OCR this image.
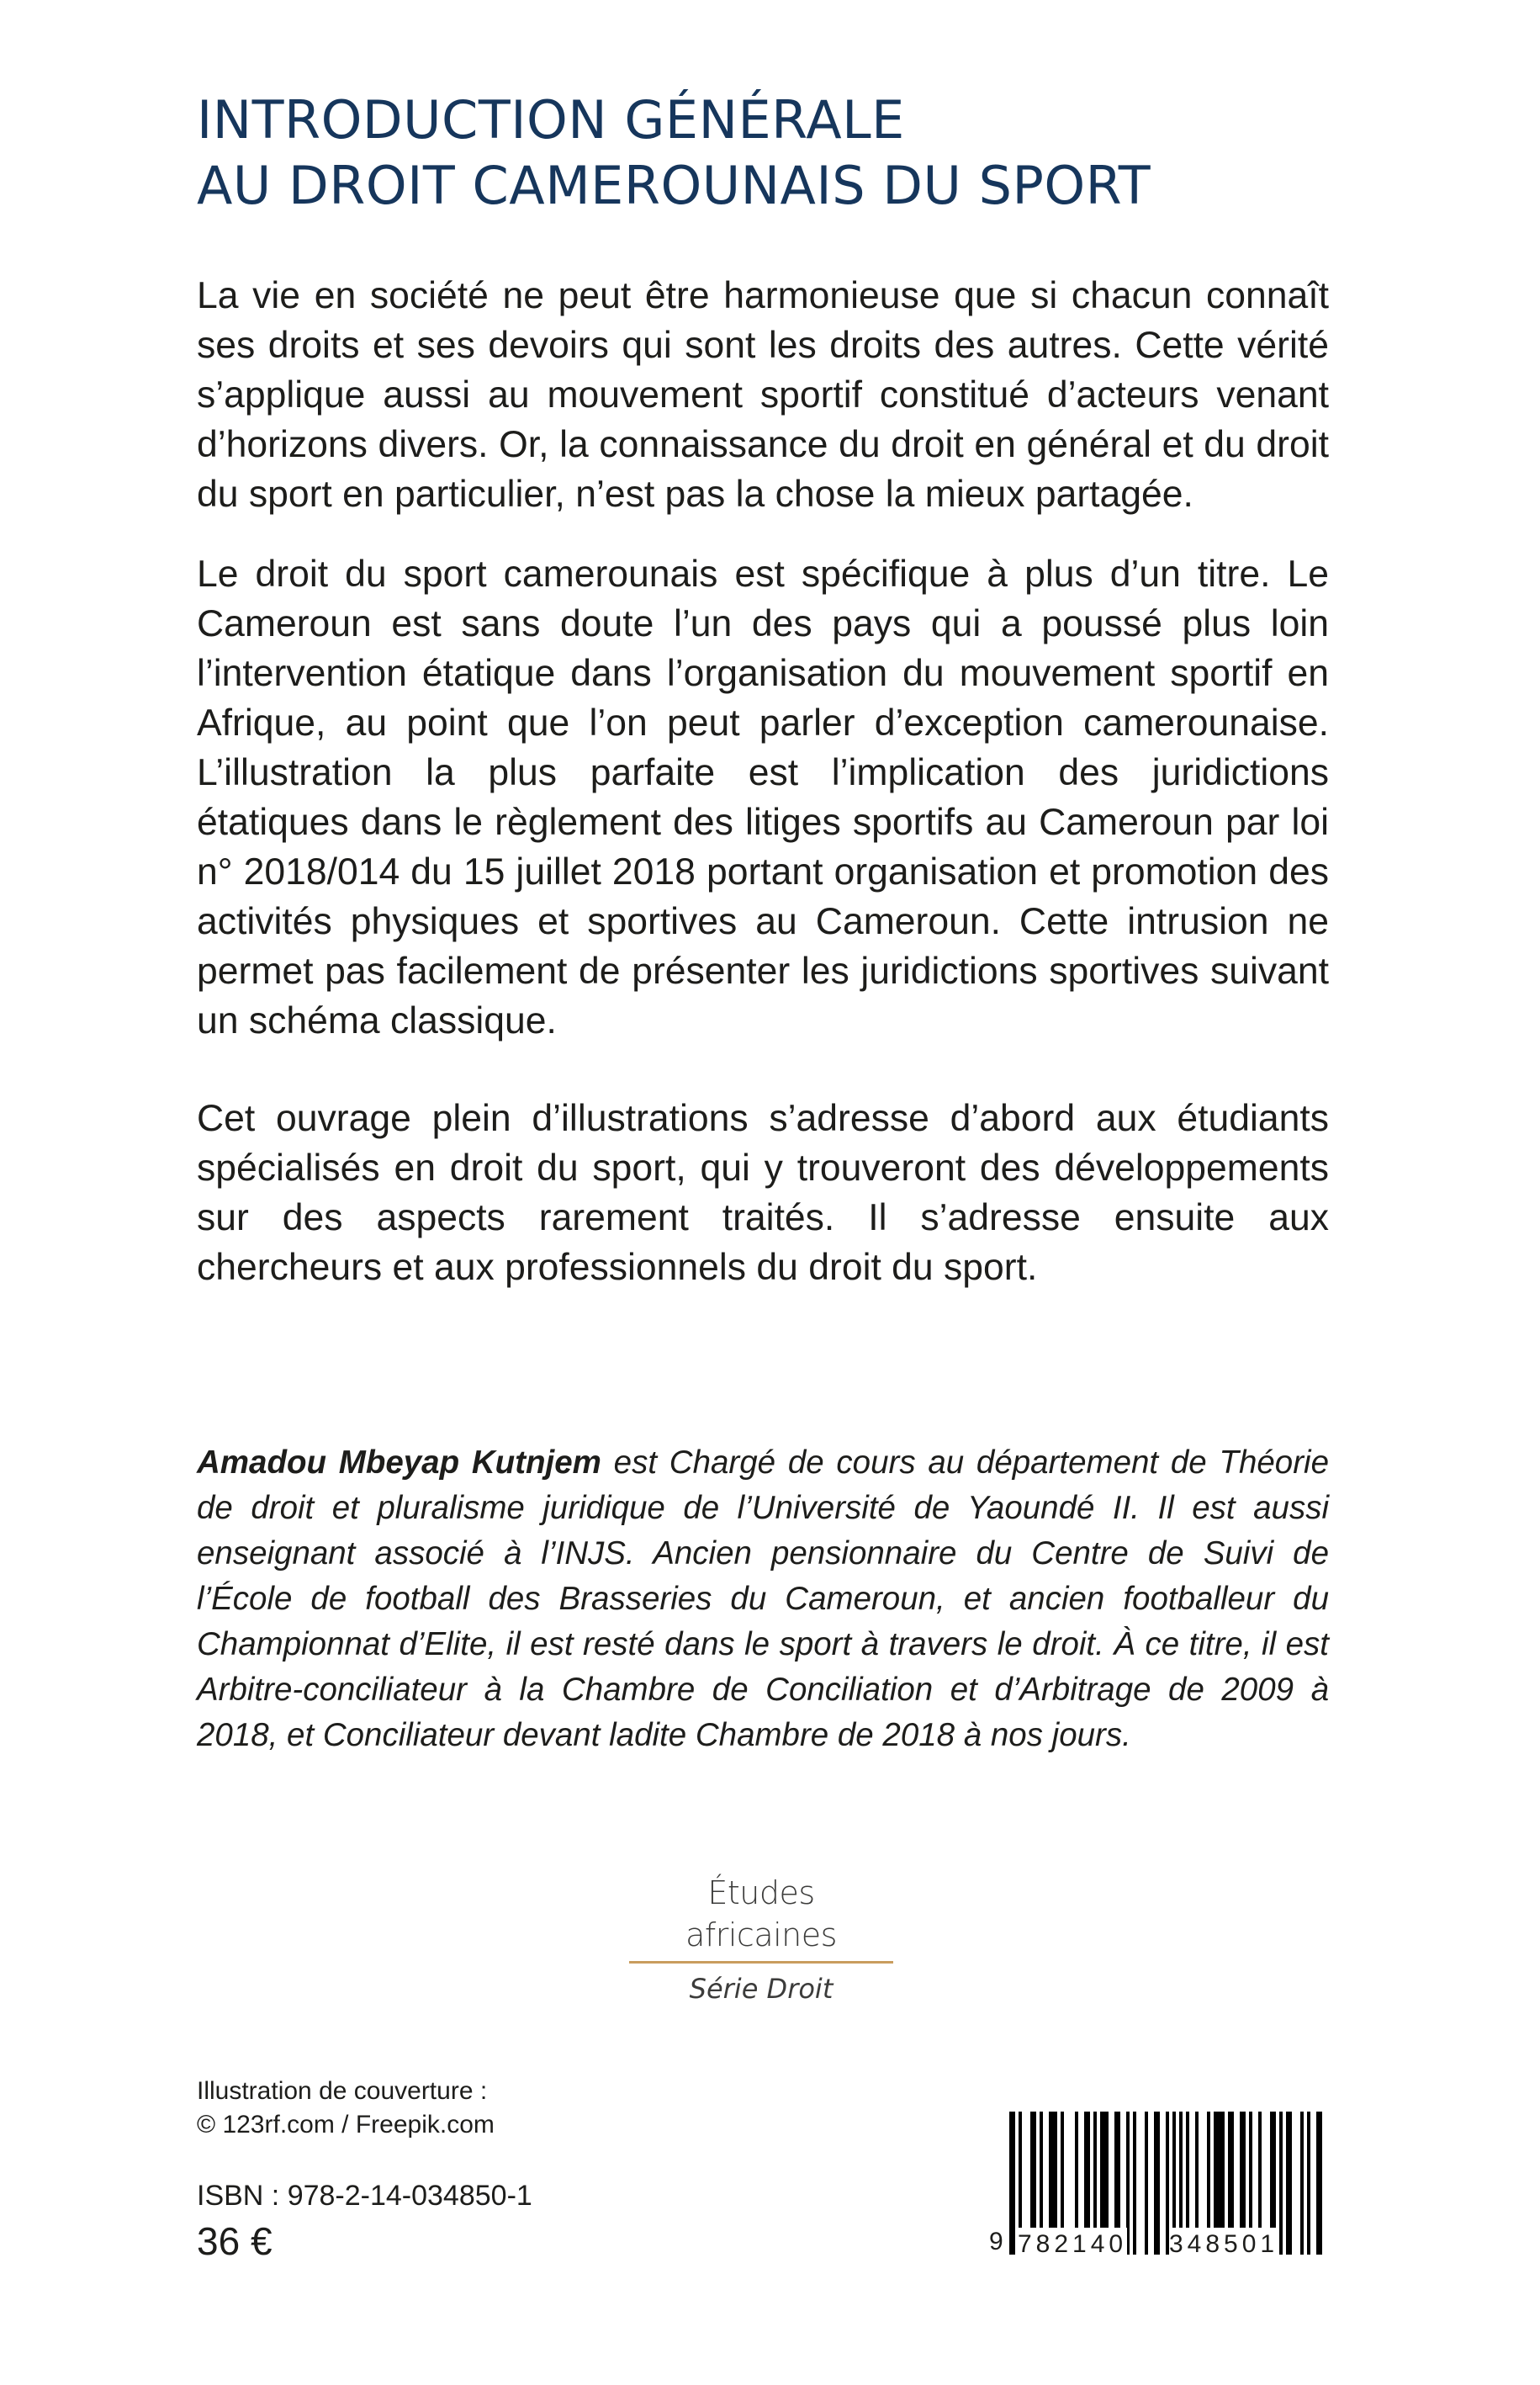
INTRODUCTION GÉNÉRALE
AU DROIT CAMEROUNAIS DU SPORT

La vie en société ne peut être harmonieuse que si chacun connaît ses droits et ses devoirs qui sont les droits des autres. Cette vérité s’applique aussi au mouvement sportif constitué d’acteurs venant d’horizons divers. Or, la connaissance du droit en général et du droit du sport en particulier, n’est pas la chose la mieux partagée.

Le droit du sport camerounais est spécifique à plus d’un titre. Le Cameroun est sans doute l’un des pays qui a poussé plus loin l’intervention étatique dans l’organisation du mouvement sportif en Afrique, au point que l’on peut parler d’exception camerounaise. L’illustration la plus parfaite est l’implication des juridictions étatiques dans le règlement des litiges sportifs au Cameroun par loi n° 2018/014 du 15 juillet 2018 portant organisation et promotion des activités physiques et sportives au Cameroun. Cette intrusion ne permet pas facilement de présenter les juridictions sportives suivant un schéma classique.

Cet ouvrage plein d’illustrations s’adresse d’abord aux étudiants spécialisés en droit du sport, qui y trouveront des développements sur des aspects rarement traités. Il s’adresse ensuite aux chercheurs et aux professionnels du droit du sport.

Amadou Mbeyap Kutnjem est Chargé de cours au département de Théorie de droit et pluralisme juridique de l’Université de Yaoundé II. Il est aussi enseignant associé à l’INJS. Ancien pensionnaire du Centre de Suivi de l’École de football des Brasseries du Cameroun, et ancien footballeur du Championnat d’Elite, il est resté dans le sport à travers le droit. À ce titre, il est Arbitre-conciliateur à la Chambre de Conciliation et d’Arbitrage de 2009 à 2018, et Conciliateur devant ladite Chambre de 2018 à nos jours.

Études africaines
Série Droit
Illustration de couverture :
© 123rf.com / Freepik.com
ISBN : 978-2-14-034850-1
36 €	9 782140 348501
